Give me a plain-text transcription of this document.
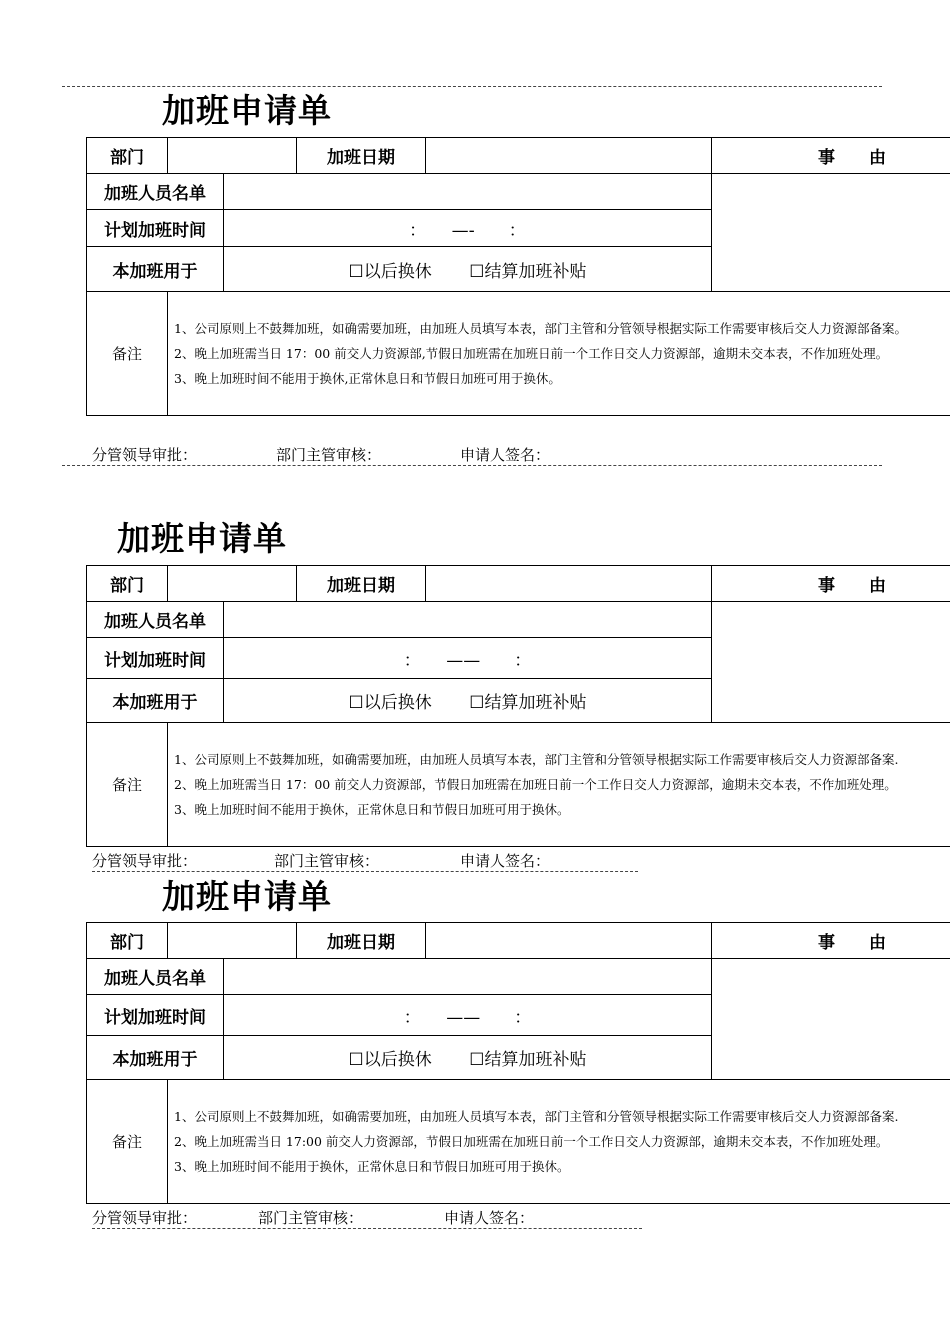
加班申请单
部门			加班日期		事　　由
加班人员名单					
计划加班时间		：　　—-　　：			
本加班用于		☐以后换休 ☐结算加班补贴			
备注	1、公司原则上不鼓舞加班，如确需要加班，由加班人员填写本表，部门主管和分管领导根据实际工作需要审核后交人力资源部备案。
2、晚上加班需当日 17：00 前交人力资源部,节假日加班需在加班日前一个工作日交人力资源部，逾期未交本表，不作加班处理。
3、晚上加班时间不能用于换休,正常休息日和节假日加班可用于换休。				
分管领导审批：	部门主管审核：	申请人签名：
加班申请单
部门			加班日期		事　　由
加班人员名单					
计划加班时间		：　　——　　：			
本加班用于		☐以后换休 ☐结算加班补贴			
备注	1、公司原则上不鼓舞加班，如确需要加班，由加班人员填写本表，部门主管和分管领导根据实际工作需要审核后交人力资源部备案.
2、晚上加班需当日 17：00 前交人力资源部，节假日加班需在加班日前一个工作日交人力资源部，逾期未交本表，不作加班处理。
3、晚上加班时间不能用于换休，正常休息日和节假日加班可用于换休。				
分管领导审批：	部门主管审核：	申请人签名：
加班申请单
部门			加班日期		事　　由
加班人员名单					
计划加班时间		：　　——　　：			
本加班用于		☐以后换休 ☐结算加班补贴			
备注	1、公司原则上不鼓舞加班，如确需要加班，由加班人员填写本表，部门主管和分管领导根据实际工作需要审核后交人力资源部备案.
2、晚上加班需当日 17:00 前交人力资源部，节假日加班需在加班日前一个工作日交人力资源部，逾期未交本表，不作加班处理。
3、晚上加班时间不能用于换休，正常休息日和节假日加班可用于换休。				
分管领导审批：	部门主管审核：	申请人签名：
